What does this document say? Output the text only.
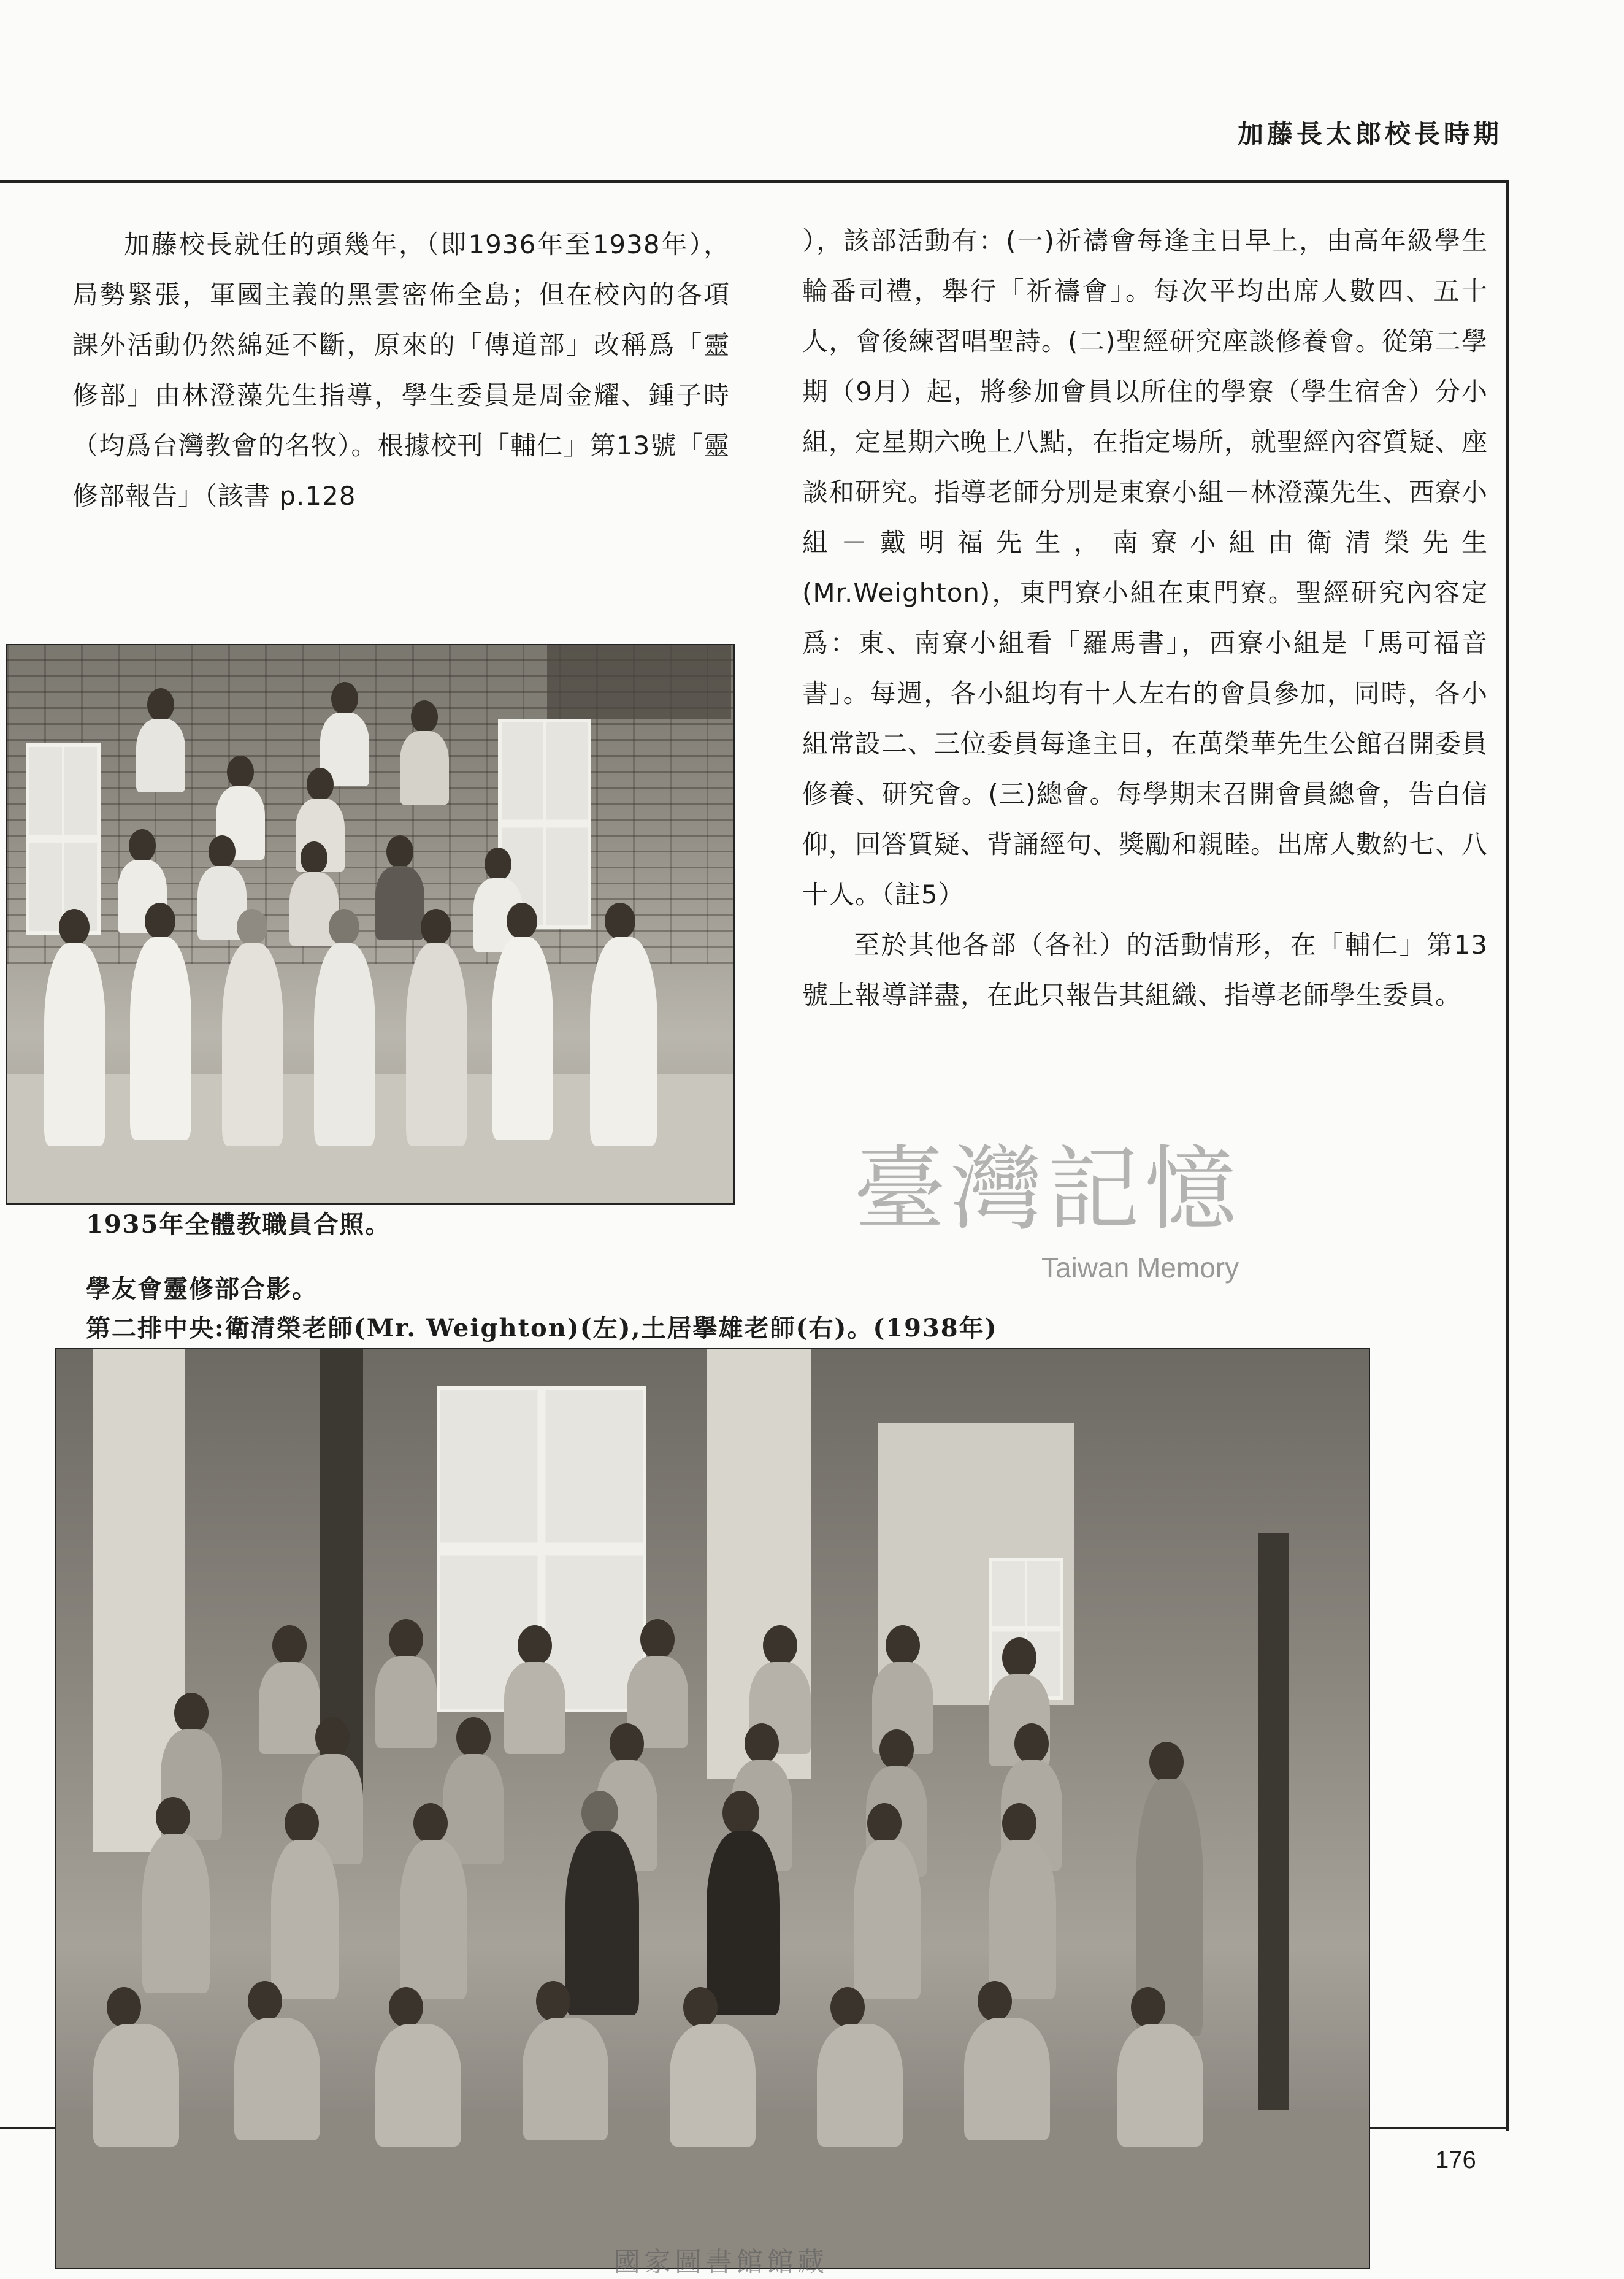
加藤長太郎校長時期

加藤校長就任的頭幾年，（即1936年至1938年），局勢緊張，軍國主義的黑雲密佈全島；但在校內的各項課外活動仍然綿延不斷，原來的「傳道部」改稱爲「靈修部」由林澄藻先生指導，學生委員是周金耀、鍾子時（均爲台灣教會的名牧）。根據校刊「輔仁」第13號「靈修部報告」（該書 p.128

），該部活動有：(一)祈禱會每逢主日早上，由高年級學生輪番司禮，舉行「祈禱會」。每次平均出席人數四、五十人，會後練習唱聖詩。(二)聖經研究座談修養會。從第二學期（9月）起，將參加會員以所住的學寮（學生宿舍）分小組，定星期六晚上八點，在指定場所，就聖經內容質疑、座談和研究。指導老師分別是東寮小組－林澄藻先生、西寮小組－戴明福先生，南寮小組由衛清榮先生(Mr.Weighton)，東門寮小組在東門寮。聖經研究內容定爲：東、南寮小組看「羅馬書」，西寮小組是「馬可福音書」。每週，各小組均有十人左右的會員參加，同時，各小組常設二、三位委員每逢主日，在萬榮華先生公館召開委員修養、研究會。(三)總會。每學期末召開會員總會，告白信仰，回答質疑、背誦經句、獎勵和親睦。出席人數約七、八十人。（註5）

至於其他各部（各社）的活動情形，在「輔仁」第13號上報導詳盡，在此只報告其組織、指導老師學生委員。

1935年全體教職員合照。	臺灣記憶
Taiwan Memory
學友會靈修部合影。
第二排中央:衛清榮老師(Mr. Weighton)(左),土居擧雄老師(右)。(1938年)
176
國家圖書館館藏
